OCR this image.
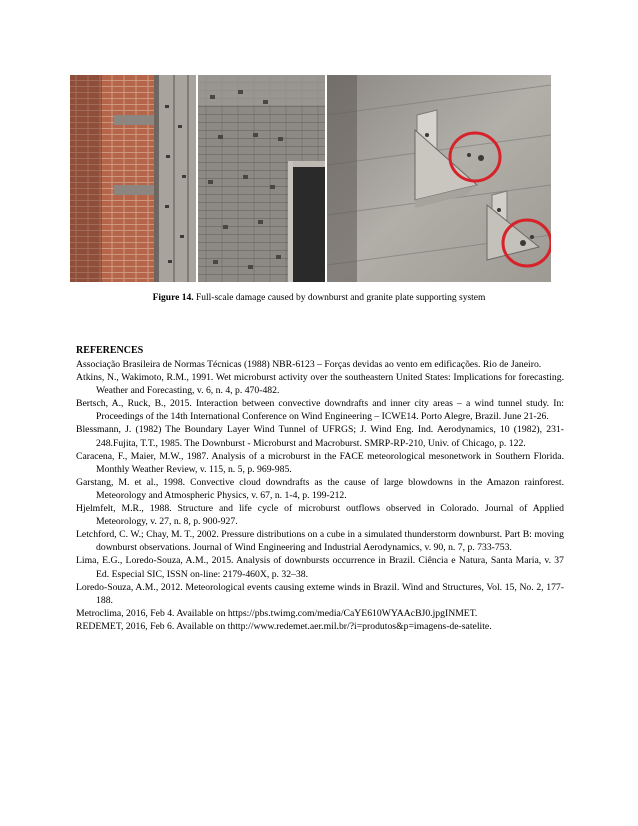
Figure 14. Full-scale damage caused by downburst and granite plate supporting system
REFERENCES

Associação Brasileira de Normas Técnicas (1988) NBR-6123 – Forças devidas ao vento em edificações. Rio de Janeiro.

Atkins, N., Wakimoto, R.M., 1991. Wet microburst activity over the southeastern United States: Implications for forecasting. Weather and Forecasting, v. 6, n. 4, p. 470-482.

Bertsch, A., Ruck, B., 2015. Interaction between convective downdrafts and inner city areas – a wind tunnel study. In: Proceedings of the 14th International Conference on Wind Engineering – ICWE14. Porto Alegre, Brazil. June 21-26.

Blessmann, J. (1982) The Boundary Layer Wind Tunnel of UFRGS; J. Wind Eng. Ind. Aerodynamics, 10 (1982), 231-248.Fujita, T.T., 1985. The Downburst - Microburst and Macroburst. SMRP-RP-210, Univ. of Chicago, p. 122.

Caracena, F., Maier, M.W., 1987. Analysis of a microburst in the FACE meteorological mesonetwork in Southern Florida. Monthly Weather Review, v. 115, n. 5, p. 969-985.

Garstang, M. et al., 1998. Convective cloud downdrafts as the cause of large blowdowns in the Amazon rainforest. Meteorology and Atmospheric Physics, v. 67, n. 1-4, p. 199-212.

Hjelmfelt, M.R., 1988. Structure and life cycle of microburst outflows observed in Colorado. Journal of Applied Meteorology, v. 27, n. 8, p. 900-927.

Letchford, C. W.; Chay, M. T., 2002. Pressure distributions on a cube in a simulated thunderstorm downburst. Part B: moving downburst observations. Journal of Wind Engineering and Industrial Aerodynamics, v. 90, n. 7, p. 733-753.

Lima, E.G., Loredo-Souza, A.M., 2015. Analysis of downbursts occurrence in Brazil. Ciência e Natura, Santa Maria, v. 37 Ed. Especial SIC, ISSN on-line: 2179-460X, p. 32–38.

Loredo-Souza, A.M., 2012. Meteorological events causing exteme winds in Brazil. Wind and Structures, Vol. 15, No. 2, 177-188.

Metroclima, 2016, Feb 4. Available on https://pbs.twimg.com/media/CaYE610WYAAcBJ0.jpgINMET.

REDEMET, 2016, Feb 6. Available on thttp://www.redemet.aer.mil.br/?i=produtos&p=imagens-de-satelite.
